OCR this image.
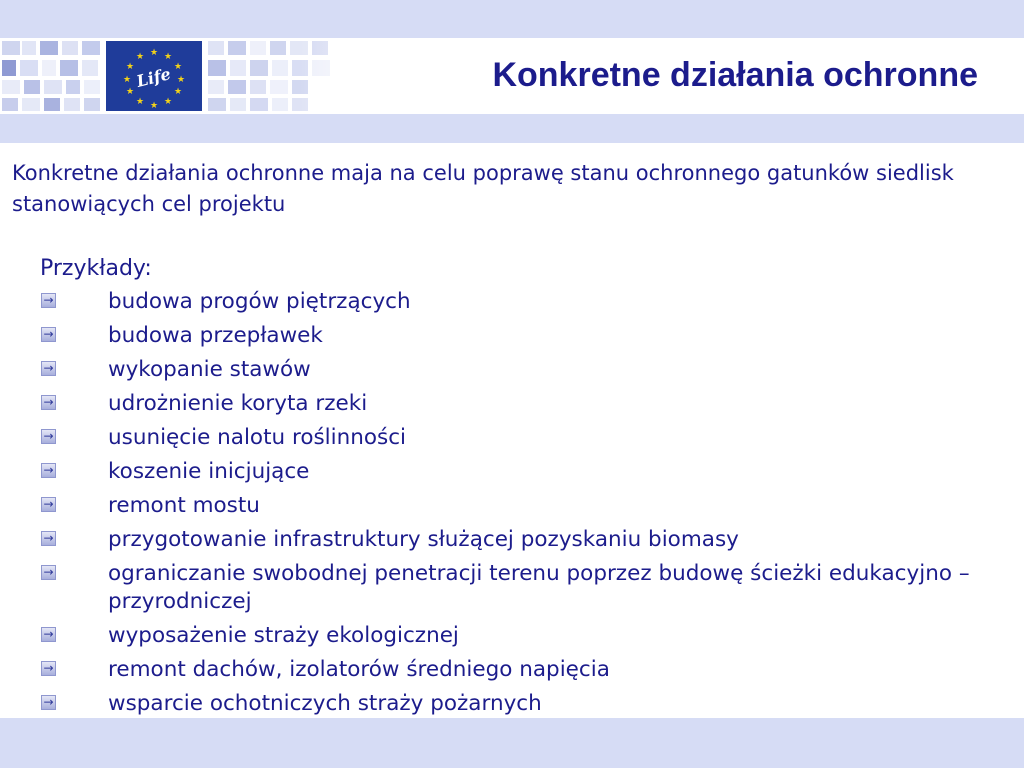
★ ★
★
★
★
★
★
★
★
★
★
★
Life	Konkretne działania ochronne
Konkretne działania ochronne maja na celu poprawę stanu ochronnego gatunków siedlisk stanowiących cel projektu
Przykłady:
→	budowa progów piętrzących
→	budowa przepławek
→	wykopanie stawów
→	udrożnienie koryta rzeki
→	usunięcie nalotu roślinności
→	koszenie inicjujące
→	remont mostu
→	przygotowanie infrastruktury służącej pozyskaniu biomasy
→	ograniczanie swobodnej penetracji terenu poprzez budowę ścieżki edukacyjno – przyrodniczej
→	wyposażenie straży ekologicznej
→	remont dachów, izolatorów średniego napięcia
→	wsparcie ochotniczych straży pożarnych
